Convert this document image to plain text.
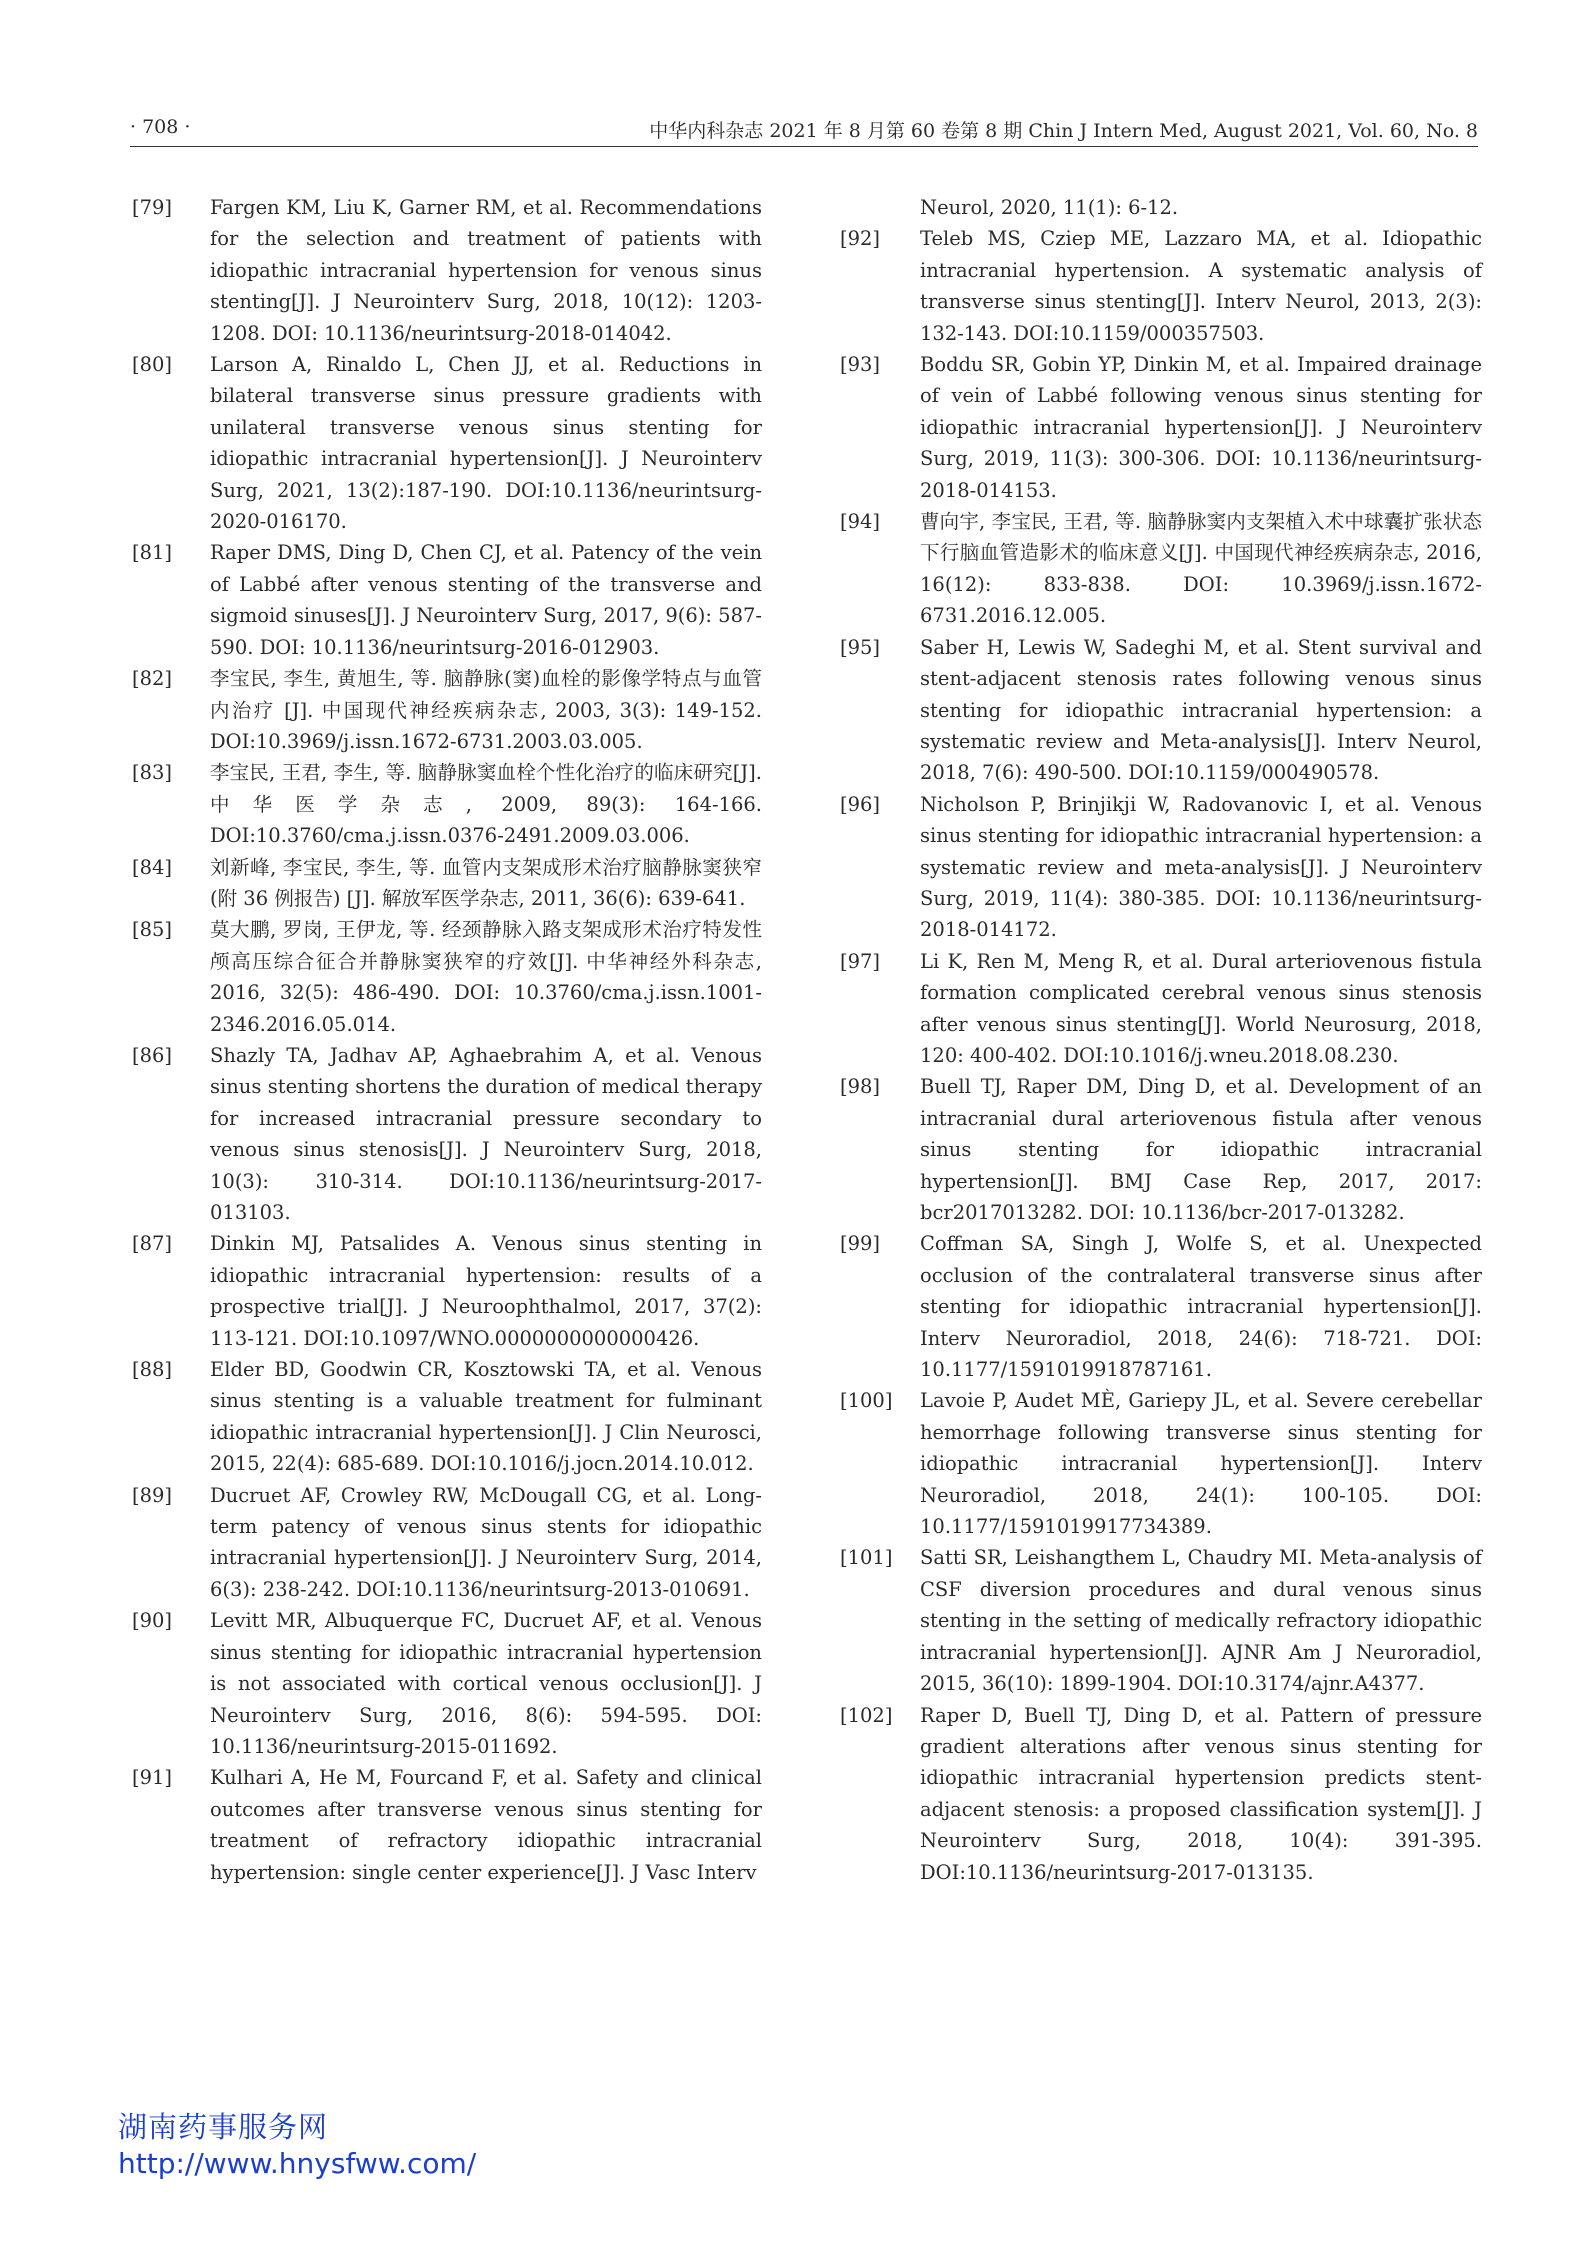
· 708 ·	中华内科杂志 2021 年 8 月第 60 卷第 8 期 Chin J Intern Med, August 2021, Vol. 60, No. 8
[79]	Fargen KM, Liu K, Garner RM, et al. Recommendations for the selection and treatment of patients with idiopathic intracranial hypertension for venous sinus stenting[J]. J Neurointerv Surg, 2018, 10(12): 1203-1208. DOI: 10.1136/neurintsurg-2018-014042.
[80]	Larson A, Rinaldo L, Chen JJ, et al. Reductions in bilateral transverse sinus pressure gradients with unilateral transverse venous sinus stenting for idiopathic intracranial hypertension[J]. J Neurointerv Surg, 2021, 13(2):187-190. DOI:10.1136/neurintsurg-2020-016170.
[81]	Raper DMS, Ding D, Chen CJ, et al. Patency of the vein of Labbé after venous stenting of the transverse and sigmoid sinuses[J]. J Neurointerv Surg, 2017, 9(6): 587-590. DOI: 10.1136/neurintsurg-2016-012903.
[82]	李宝民, 李生, 黄旭生, 等. 脑静脉(窦)血栓的影像学特点与血管内治疗 [J]. 中国现代神经疾病杂志, 2003, 3(3): 149-152. DOI:10.3969/j.issn.1672-6731.2003.03.005.
[83]	李宝民, 王君, 李生, 等. 脑静脉窦血栓个性化治疗的临床研究[J]. 中华医学杂志, 2009, 89(3): 164-166. DOI:10.3760/cma.j.issn.0376-2491.2009.03.006.
[84]	刘新峰, 李宝民, 李生, 等. 血管内支架成形术治疗脑静脉窦狭窄 (附 36 例报告) [J]. 解放军医学杂志, 2011, 36(6): 639-641.
[85]	莫大鹏, 罗岗, 王伊龙, 等. 经颈静脉入路支架成形术治疗特发性颅高压综合征合并静脉窦狭窄的疗效[J]. 中华神经外科杂志, 2016, 32(5): 486-490. DOI: 10.3760/cma.j.issn.1001-2346.2016.05.014.
[86]	Shazly TA, Jadhav AP, Aghaebrahim A, et al. Venous sinus stenting shortens the duration of medical therapy for increased intracranial pressure secondary to venous sinus stenosis[J]. J Neurointerv Surg, 2018, 10(3): 310-314. DOI:10.1136/neurintsurg-2017-013103.
[87]	Dinkin MJ, Patsalides A. Venous sinus stenting in idiopathic intracranial hypertension: results of a prospective trial[J]. J Neuroophthalmol, 2017, 37(2): 113-121. DOI:10.1097/WNO.0000000000000426.
[88]	Elder BD, Goodwin CR, Kosztowski TA, et al. Venous sinus stenting is a valuable treatment for fulminant idiopathic intracranial hypertension[J]. J Clin Neurosci, 2015, 22(4): 685-689. DOI:10.1016/j.jocn.2014.10.012.
[89]	Ducruet AF, Crowley RW, McDougall CG, et al. Long-term patency of venous sinus stents for idiopathic intracranial hypertension[J]. J Neurointerv Surg, 2014, 6(3): 238-242. DOI:10.1136/neurintsurg-2013-010691.
[90]	Levitt MR, Albuquerque FC, Ducruet AF, et al. Venous sinus stenting for idiopathic intracranial hypertension is not associated with cortical venous occlusion[J]. J Neurointerv Surg, 2016, 8(6): 594-595. DOI: 10.1136/neurintsurg-2015-011692.
[91]	Kulhari A, He M, Fourcand F, et al. Safety and clinical outcomes after transverse venous sinus stenting for treatment of refractory idiopathic intracranial hypertension: single center experience[J]. J Vasc Interv
Neurol, 2020, 11(1): 6-12.
[92]	Teleb MS, Cziep ME, Lazzaro MA, et al. Idiopathic intracranial hypertension. A systematic analysis of transverse sinus stenting[J]. Interv Neurol, 2013, 2(3): 132-143. DOI:10.1159/000357503.
[93]	Boddu SR, Gobin YP, Dinkin M, et al. Impaired drainage of vein of Labbé following venous sinus stenting for idiopathic intracranial hypertension[J]. J Neurointerv Surg, 2019, 11(3): 300-306. DOI: 10.1136/neurintsurg-2018-014153.
[94]	曹向宇, 李宝民, 王君, 等. 脑静脉窦内支架植入术中球囊扩张状态下行脑血管造影术的临床意义[J]. 中国现代神经疾病杂志, 2016, 16(12): 833-838. DOI: 10.3969/j.issn.1672-6731.2016.12.005.
[95]	Saber H, Lewis W, Sadeghi M, et al. Stent survival and stent-adjacent stenosis rates following venous sinus stenting for idiopathic intracranial hypertension: a systematic review and Meta-analysis[J]. Interv Neurol, 2018, 7(6): 490-500. DOI:10.1159/000490578.
[96]	Nicholson P, Brinjikji W, Radovanovic I, et al. Venous sinus stenting for idiopathic intracranial hypertension: a systematic review and meta-analysis[J]. J Neurointerv Surg, 2019, 11(4): 380-385. DOI: 10.1136/neurintsurg-2018-014172.
[97]	Li K, Ren M, Meng R, et al. Dural arteriovenous fistula formation complicated cerebral venous sinus stenosis after venous sinus stenting[J]. World Neurosurg, 2018, 120: 400-402. DOI:10.1016/j.wneu.2018.08.230.
[98]	Buell TJ, Raper DM, Ding D, et al. Development of an intracranial dural arteriovenous fistula after venous sinus stenting for idiopathic intracranial hypertension[J]. BMJ Case Rep, 2017, 2017: bcr2017013282. DOI: 10.1136/bcr-2017-013282.
[99]	Coffman SA, Singh J, Wolfe S, et al. Unexpected occlusion of the contralateral transverse sinus after stenting for idiopathic intracranial hypertension[J]. Interv Neuroradiol, 2018, 24(6): 718-721. DOI: 10.1177/1591019918787161.
[100]	Lavoie P, Audet MÈ, Gariepy JL, et al. Severe cerebellar hemorrhage following transverse sinus stenting for idiopathic intracranial hypertension[J]. Interv Neuroradiol, 2018, 24(1): 100-105. DOI: 10.1177/1591019917734389.
[101]	Satti SR, Leishangthem L, Chaudry MI. Meta-analysis of CSF diversion procedures and dural venous sinus stenting in the setting of medically refractory idiopathic intracranial hypertension[J]. AJNR Am J Neuroradiol, 2015, 36(10): 1899-1904. DOI:10.3174/ajnr.A4377.
[102]	Raper D, Buell TJ, Ding D, et al. Pattern of pressure gradient alterations after venous sinus stenting for idiopathic intracranial hypertension predicts stent-adjacent stenosis: a proposed classification system[J]. J Neurointerv Surg, 2018, 10(4): 391-395. DOI:10.1136/neurintsurg-2017-013135.
湖南药事服务网
http://www.hnysfww.com/
